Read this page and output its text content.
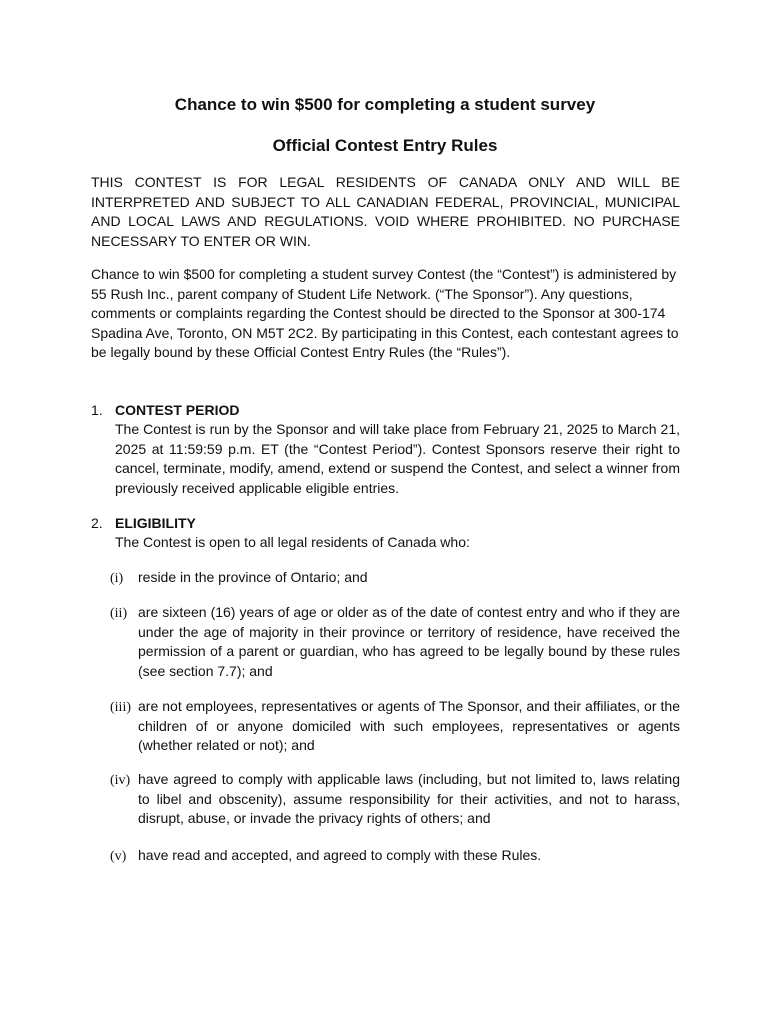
Chance to win $500 for completing a student survey
Official Contest Entry Rules

THIS CONTEST IS FOR LEGAL RESIDENTS OF CANADA ONLY AND WILL BE INTERPRETED AND SUBJECT TO ALL CANADIAN FEDERAL, PROVINCIAL, MUNICIPAL AND LOCAL LAWS AND REGULATIONS. VOID WHERE PROHIBITED. NO PURCHASE NECESSARY TO ENTER OR WIN.

Chance to win $500 for completing a student survey Contest (the “Contest”) is administered by 55 Rush Inc., parent company of Student Life Network. (“The Sponsor”). Any questions, comments or complaints regarding the Contest should be directed to the Sponsor at 300-174 Spadina Ave, Toronto, ON M5T 2C2. By participating in this Contest, each contestant agrees to be legally bound by these Official Contest Entry Rules (the “Rules”).

1. CONTEST PERIOD

The Contest is run by the Sponsor and will take place from February 21, 2025 to March 21, 2025 at 11:59:59 p.m. ET (the “Contest Period”). Contest Sponsors reserve their right to cancel, terminate, modify, amend, extend or suspend the Contest, and select a winner from previously received applicable eligible entries.

2. ELIGIBILITY

The Contest is open to all legal residents of Canada who:

(i) reside in the province of Ontario; and

(ii) are sixteen (16) years of age or older as of the date of contest entry and who if they are under the age of majority in their province or territory of residence, have received the permission of a parent or guardian, who has agreed to be legally bound by these rules (see section 7.7); and

(iii) are not employees, representatives or agents of The Sponsor, and their affiliates, or the children of or anyone domiciled with such employees, representatives or agents (whether related or not); and

(iv) have agreed to comply with applicable laws (including, but not limited to, laws relating to libel and obscenity), assume responsibility for their activities, and not to harass, disrupt, abuse, or invade the privacy rights of others; and

(v) have read and accepted, and agreed to comply with these Rules.
